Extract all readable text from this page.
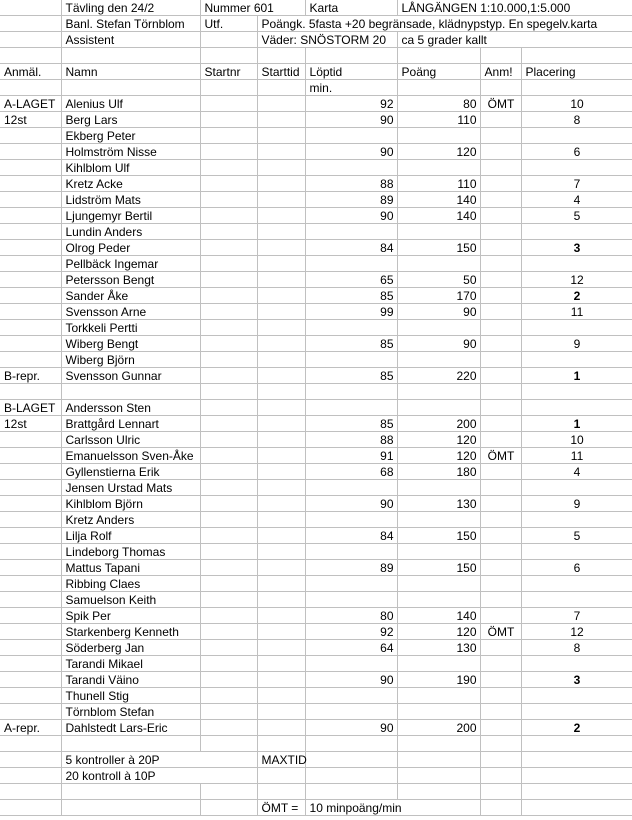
	Tävling den 24/2	Nummer 601		Karta	LÅNGÄNGEN 1:10.000,1:5.000		
	Banl. Stefan Törnblom	Utf.	Poängk. 5fasta +20 begränsade, klädnypstyp. En spegelv.karta				
	Assistent		Väder: SNÖSTORM 20		ca 5 grader kallt		

Anmäl.	Namn	Startnr	Starttid	Löptid	Poäng	Anm!	Placering
				min.			
A-LAGET	Alenius Ulf			92	80	ÖMT	10
12st	Berg Lars			90	110		8
	Ekberg Peter						
	Holmström Nisse			90	120		6
	Kihlblom Ulf						
	Kretz Acke			88	110		7
	Lidström Mats			89	140		4
	Ljungemyr Bertil			90	140		5
	Lundin Anders						
	Olrog Peder			84	150		3
	Pellbäck Ingemar						
	Petersson Bengt			65	50		12
	Sander Åke			85	170		2
	Svensson Arne			99	90		11
	Torkkeli Pertti						
	Wiberg Bengt			85	90		9
	Wiberg Björn						
B-repr.	Svensson Gunnar			85	220		1

B-LAGET	Andersson Sten						
12st	Brattgård Lennart			85	200		1
	Carlsson Ulric			88	120		10
	Emanuelsson Sven-Åke			91	120	ÖMT	11
	Gyllenstierna Erik			68	180		4
	Jensen Urstad Mats						
	Kihlblom Björn			90	130		9
	Kretz Anders						
	Lilja Rolf			84	150		5
	Lindeborg Thomas						
	Mattus Tapani			89	150		6
	Ribbing Claes						
	Samuelson Keith						
	Spik Per			80	140		7
	Starkenberg Kenneth			92	120	ÖMT	12
	Söderberg Jan			64	130		8
	Tarandi Mikael						
	Tarandi Väino			90	190		3
	Thunell Stig						
	Törnblom Stefan						
A-repr.	Dahlstedt Lars-Eric			90	200		2

	5 kontroller à 20P		MAXTID				
	20 kontroll à 10P						

			ÖMT =	10 minpoäng/min			
